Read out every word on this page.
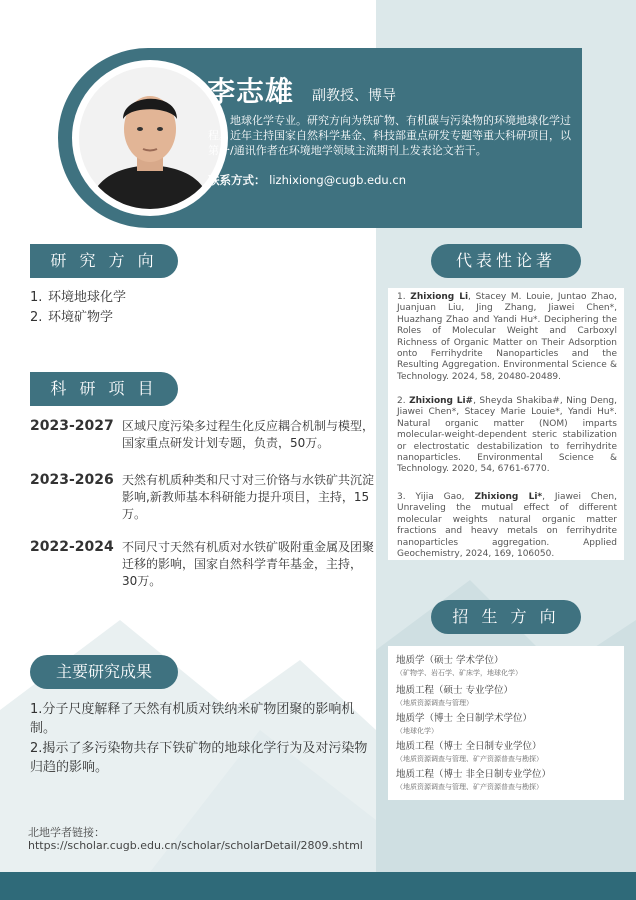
李志雄 副教授、博导
地球化学专业。研究方向为铁矿物、有机碳与污染物的环境地球化学过程。近年主持国家自然科学基金、科技部重点研发专题等重大科研项目，以第一/通讯作者在环境地学领域主流期刊上发表论文若干。
联系方式： lizhixiong@cugb.edu.cn
研 究 方 向
1. 环境地球化学
2. 环境矿物学
科 研 项 目
2023-2027 区域尺度污染多过程生化反应耦合机制与模型，国家重点研发计划专题，负责，50万。
2023-2026 天然有机质种类和尺寸对三价铬与水铁矿共沉淀影响,新教师基本科研能力提升项目，主持，15万。
2022-2024 不同尺寸天然有机质对水铁矿吸附重金属及团聚迁移的影响，国家自然科学青年基金，主持，30万。
代表性论著
1. Zhixiong Li, Stacey M. Louie, Juntao Zhao, Juanjuan Liu, Jing Zhang, Jiawei Chen*, Huazhang Zhao and Yandi Hu*. Deciphering the Roles of Molecular Weight and Carboxyl Richness of Organic Matter on Their Adsorption onto Ferrihydrite Nanoparticles and the Resulting Aggregation. Environmental Science & Technology. 2024, 58, 20480-20489.
2. Zhixiong Li#, Sheyda Shakiba#, Ning Deng, Jiawei Chen*, Stacey Marie Louie*, Yandi Hu*. Natural organic matter (NOM) imparts molecular-weight-dependent steric stabilization or electrostatic destabilization to ferrihydrite nanoparticles. Environmental Science & Technology. 2020, 54, 6761-6770.
3. Yijia Gao, Zhixiong Li*, Jiawei Chen, Unraveling the mutual effect of different molecular weights natural organic matter fractions and heavy metals on ferrihydrite nanoparticles aggregation. Applied Geochemistry, 2024, 169, 106050.
招 生 方 向
地质学（硕士 学术学位）
（矿物学、岩石学、矿床学，地球化学）
地质工程（硕士 专业学位）
（地质资源调查与管理）
地质学（博士 全日制学术学位）
（地球化学）
地质工程（博士 全日制专业学位）
（地质资源调查与管理、矿产资源普查与勘探）
地质工程（博士 非全日制专业学位）
（地质资源调查与管理、矿产资源普查与勘探）
主要研究成果
1.分子尺度解释了天然有机质对铁纳米矿物团聚的影响机制。
2.揭示了多污染物共存下铁矿物的地球化学行为及对污染物归趋的影响。
北地学者链接：
https://scholar.cugb.edu.cn/scholar/scholarDetail/2809.shtml
